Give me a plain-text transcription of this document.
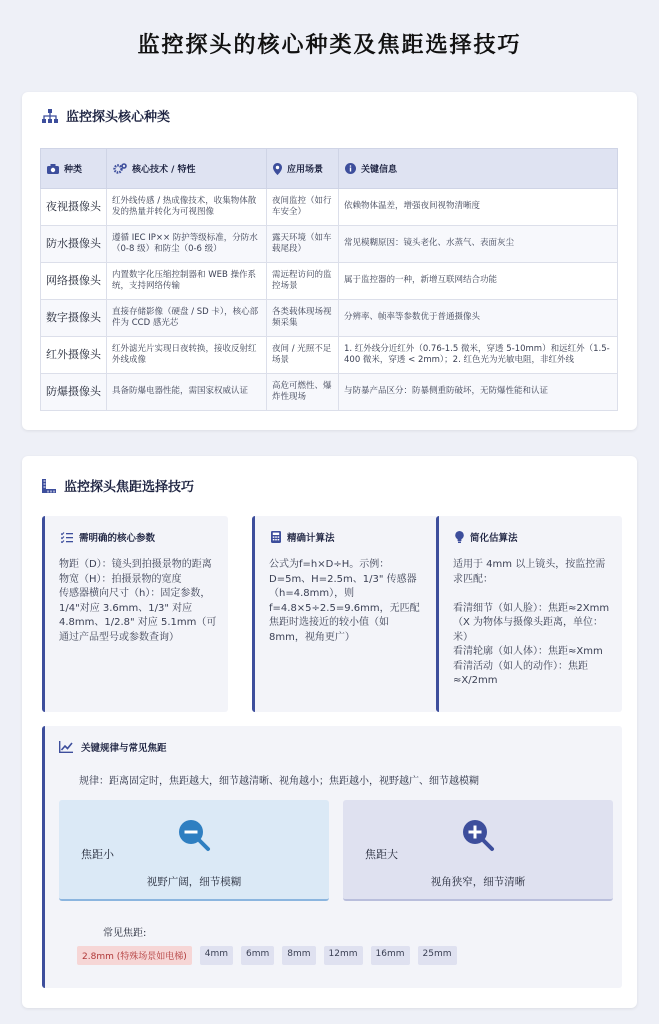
监控探头的核心种类及焦距选择技巧
监控探头核心种类
种类	核心技术 / 特性	应用场景	关键信息

夜视摄像头	红外线传感 / 热成像技术，收集物体散发的热量并转化为可视图像	夜间监控（如行车安全）	依赖物体温差，增强夜间视物清晰度
防水摄像头	遵循 IEC IP×× 防护等级标准，分防水（0-8 级）和防尘（0-6 级）	露天环境（如车载尾段）	常见模糊原因：镜头老化、水蒸气、表面灰尘
网络摄像头	内置数字化压缩控制器和 WEB 操作系统，支持网络传输	需远程访问的监控场景	属于监控器的一种，新增互联网结合功能
数字摄像头	直接存储影像（硬盘 / SD 卡），核心部件为 CCD 感光芯	各类载体现场视频采集	分辨率、帧率等参数优于普通摄像头
红外摄像头	红外滤光片实现日夜转换，接收反射红外线成像	夜间 / 光照不足场景	1. 红外线分近红外（0.76-1.5 微米，穿透 5-10mm）和远红外（1.5-400 微米，穿透 < 2mm）；2. 红色光为光敏电阻，非红外线
防爆摄像头	具备防爆电器性能，需国家权威认证	高危可燃性、爆炸性现场	与防暴产品区分：防暴侧重防破坏，无防爆性能和认证
监控探头焦距选择技巧
需明确的核心参数
物距（D）：镜头到拍摄景物的距离
物宽（H）：拍摄景物的宽度
传感器横向尺寸（h）：固定参数，1/4"对应 3.6mm、1/3" 对应 4.8mm、1/2.8" 对应 5.1mm（可通过产品型号或参数查询）
精确计算法
公式为f=h×D÷H。示例：D=5m、H=2.5m、1/3" 传感器（h=4.8mm），则 f=4.8×5÷2.5=9.6mm，无匹配焦距时选接近的较小值（如 8mm，视角更广）
简化估算法
适用于 4mm 以上镜头，按监控需求匹配：

看清细节（如人脸）：焦距≈2Xmm（X 为物体与摄像头距离，单位：米）
看清轮廓（如人体）：焦距≈Xmm
看清活动（如人的动作）：焦距≈X/2mm
关键规律与常见焦距
规律：距离固定时，焦距越大，细节越清晰、视角越小；焦距越小，视野越广、细节越模糊
焦距小
视野广阔，细节模糊
焦距大
视角狭窄，细节清晰
常见焦距:
2.8mm (特殊场景如电梯)	4mm	6mm	8mm	12mm	16mm	25mm
